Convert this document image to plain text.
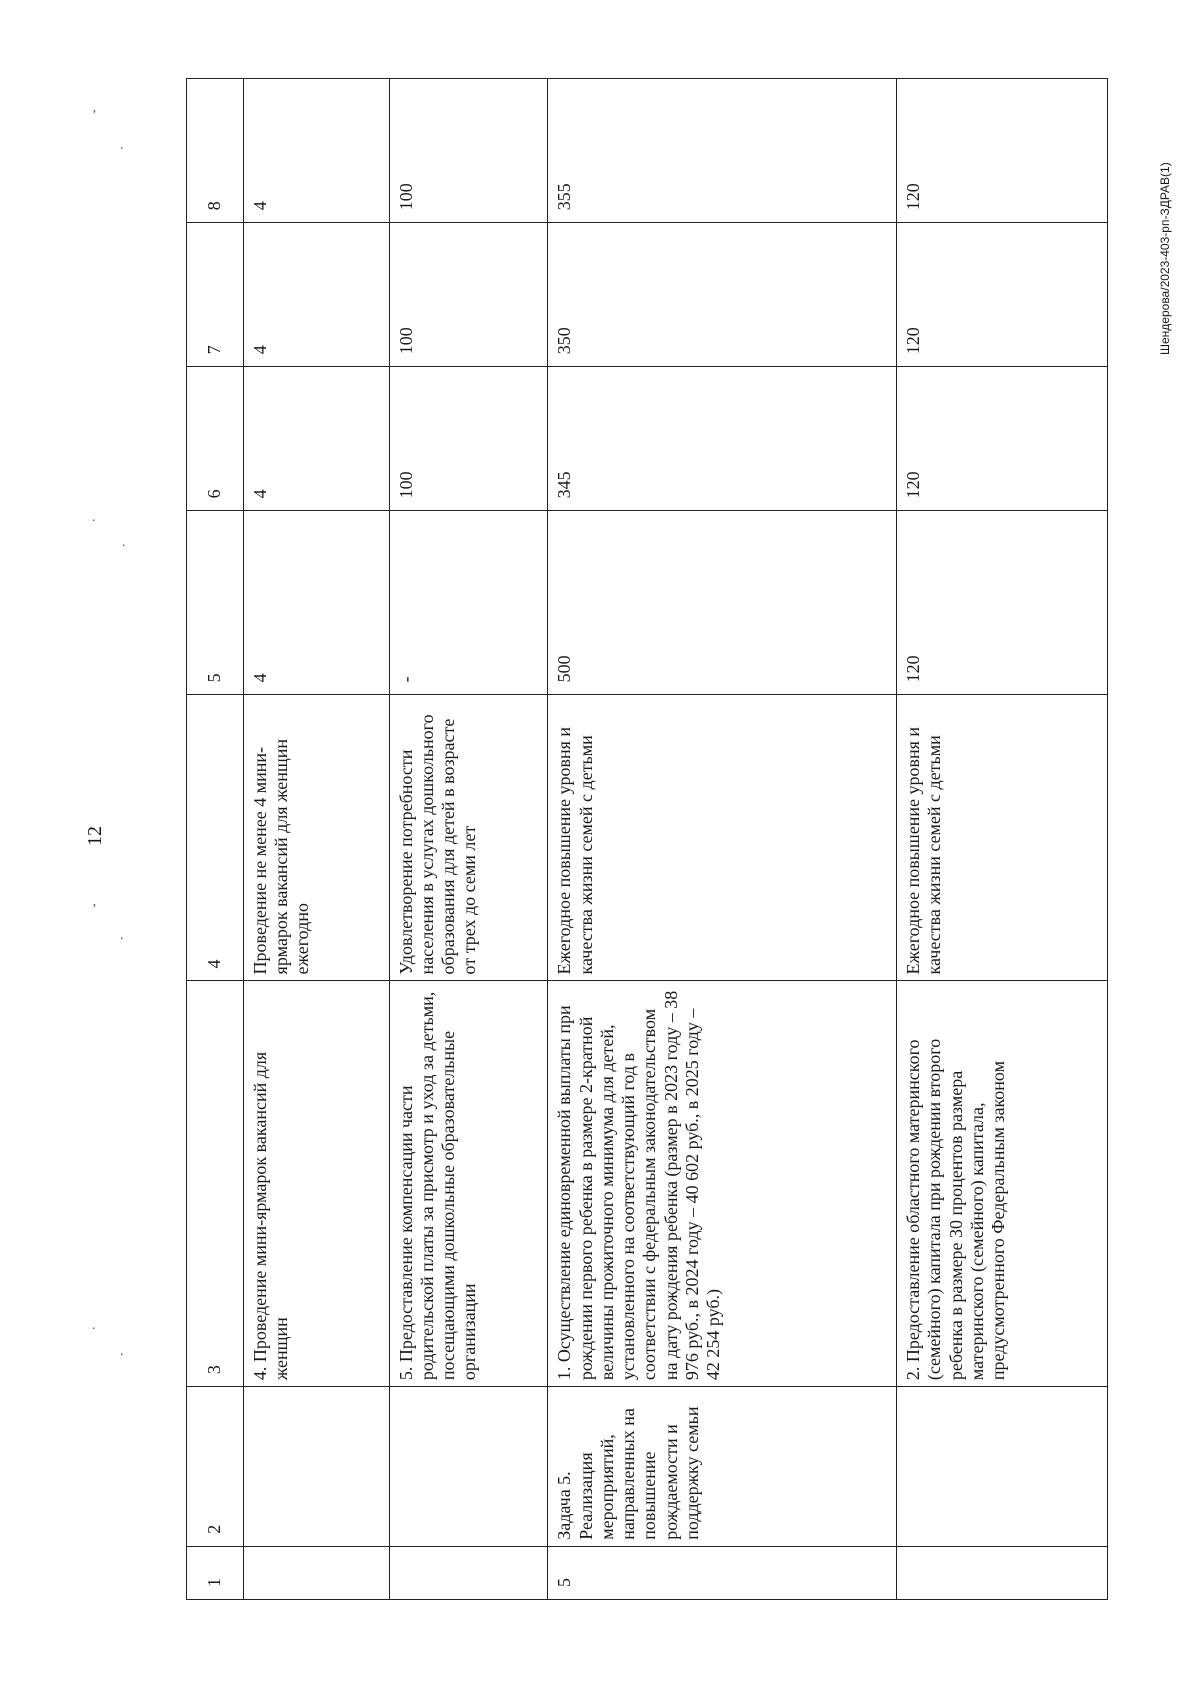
12
Шендерова/2023-403-рп-ЗДРАВ(1)
’
.
.
.
’
.
.
.
1	2	3	4	5	6	7	8
		4. Проведение мини-ярмарок вакансий для женщин	Проведение не менее 4 мини-ярмарок вакансий для женщин ежегодно	4	4	4	4
		5. Предоставление компенсации части родительской платы за присмотр и уход за детьми, посещающими дошкольные образовательные организации	Удовлетворение потребности населения в услугах дошкольного образования для детей в возрасте от трех до семи лет	-	100	100	100
5	Задача 5. Реализация мероприятий, направленных на повышение рождаемости и поддержку семьи	1. Осуществление единовременной выплаты при рождении первого ребенка в размере 2-кратной величины прожиточного минимума для детей, установленного на соответствующий год в соответствии с федеральным законодательством на дату рождения ребенка (размер в 2023 году – 38 976 руб., в 2024 году – 40 602 руб., в 2025 году – 42 254 руб.)	Ежегодное повышение уровня и качества жизни семей с детьми	500	345	350	355
		2. Предоставление областного материнского (семейного) капитала при рождении второго ребенка в размере 30 процентов размера материнского (семейного) капитала, предусмотренного Федеральным законом	Ежегодное повышение уровня и качества жизни семей с детьми	120	120	120	120
